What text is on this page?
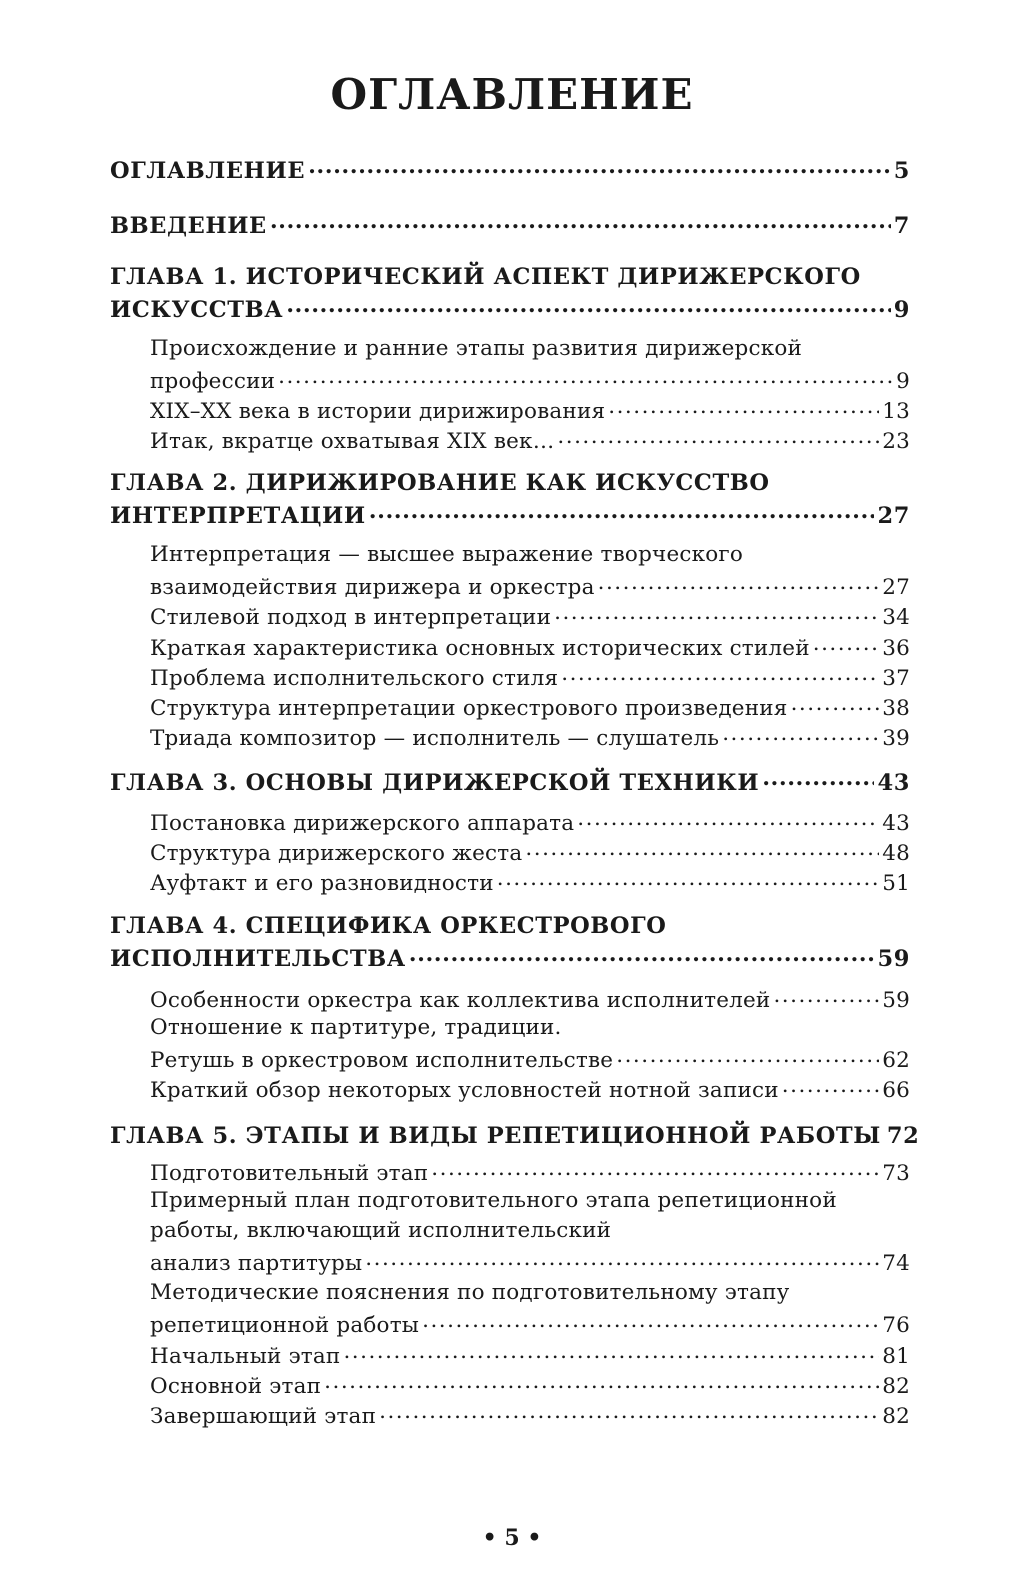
ОГЛАВЛЕНИЕ
ОГЛАВЛЕНИЕ .....	5
ВВЕДЕНИЕ .....	7
ГЛАВА 1. ИСТОРИЧЕСКИЙ АСПЕКТ ДИРИЖЕРСКОГО
ИСКУССТВА .....	9
Происхождение и ранние этапы развития дирижерской
профессии .....	9
XIX–XX века в истории дирижирования .....	13
Итак, вкратце охватывая XIX век… .....	23
ГЛАВА 2. ДИРИЖИРОВАНИЕ КАК ИСКУССТВО
ИНТЕРПРЕТАЦИИ .....	27
Интерпретация — высшее выражение творческого
взаимодействия дирижера и оркестра .....	27
Стилевой подход в интерпретации .....	34
Краткая характеристика основных исторических стилей .....	36
Проблема исполнительского стиля .....	37
Структура интерпретации оркестрового произведения .....	38
Триада композитор — исполнитель — слушатель .....	39
ГЛАВА 3. ОСНОВЫ ДИРИЖЕРСКОЙ ТЕХНИКИ .....	43
Постановка дирижерского аппарата .....	43
Структура дирижерского жеста .....	48
Ауфтакт и его разновидности .....	51
ГЛАВА 4. СПЕЦИФИКА ОРКЕСТРОВОГО
ИСПОЛНИТЕЛЬСТВА .....	59
Особенности оркестра как коллектива исполнителей .....	59
Отношение к партитуре, традиции.
Ретушь в оркестровом исполнительстве .....	62
Краткий обзор некоторых условностей нотной записи .....	66
ГЛАВА 5. ЭТАПЫ И ВИДЫ РЕПЕТИЦИОННОЙ РАБОТЫ 72
Подготовительный этап .....	73
Примерный план подготовительного этапа репетиционной
работы, включающий исполнительский
анализ партитуры .....	74
Методические пояснения по подготовительному этапу
репетиционной работы .....	76
Начальный этап .....	81
Основной этап .....	82
Завершающий этап .....	82
• 5 •
